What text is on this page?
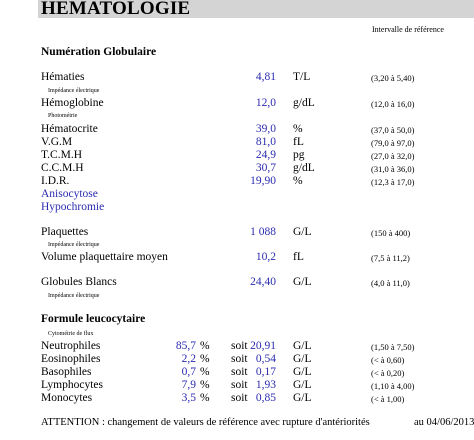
HEMATOLOGIE
Intervalle de référence
Numération Globulaire
Hématies	4,81 T/L	(3,20 à 5,40)
Impédance électrique
Hémoglobine	12,0 g/dL	(12,0 à 16,0)
Photométrie
Hématocrite	39,0 %	(37,0 à 50,0)
V.G.M	81,0 fL	(79,0 à 97,0)
T.C.M.H	24,9 pg	(27,0 à 32,0)
C.C.M.H	30,7 g/dL	(31,0 à 36,0)
I.D.R.	19,90 %	(12,3 à 17,0)
Anisocytose
Hypochromie
Plaquettes	1 088 G/L	(150 à 400)
Impédance électrique
Volume plaquettaire moyen	10,2 fL	(7,5 à 11,2)
Globules Blancs	24,40 G/L	(4,0 à 11,0)
Impédance électrique
Formule leucocytaire
Cytométrie de flux
Neutrophiles	85,7 % soit 20,91 G/L	(1,50 à 7,50)
Eosinophiles	2,2 % soit 0,54 G/L	(< à 0,60)
Basophiles	0,7 % soit 0,17 G/L	(< à 0,20)
Lymphocytes	7,9 % soit 1,93 G/L	(1,10 à 4,00)
Monocytes	3,5 % soit 0,85 G/L	(< à 1,00)
ATTENTION : changement de valeurs de référence avec rupture d'antériorités	au 04/06/2013
